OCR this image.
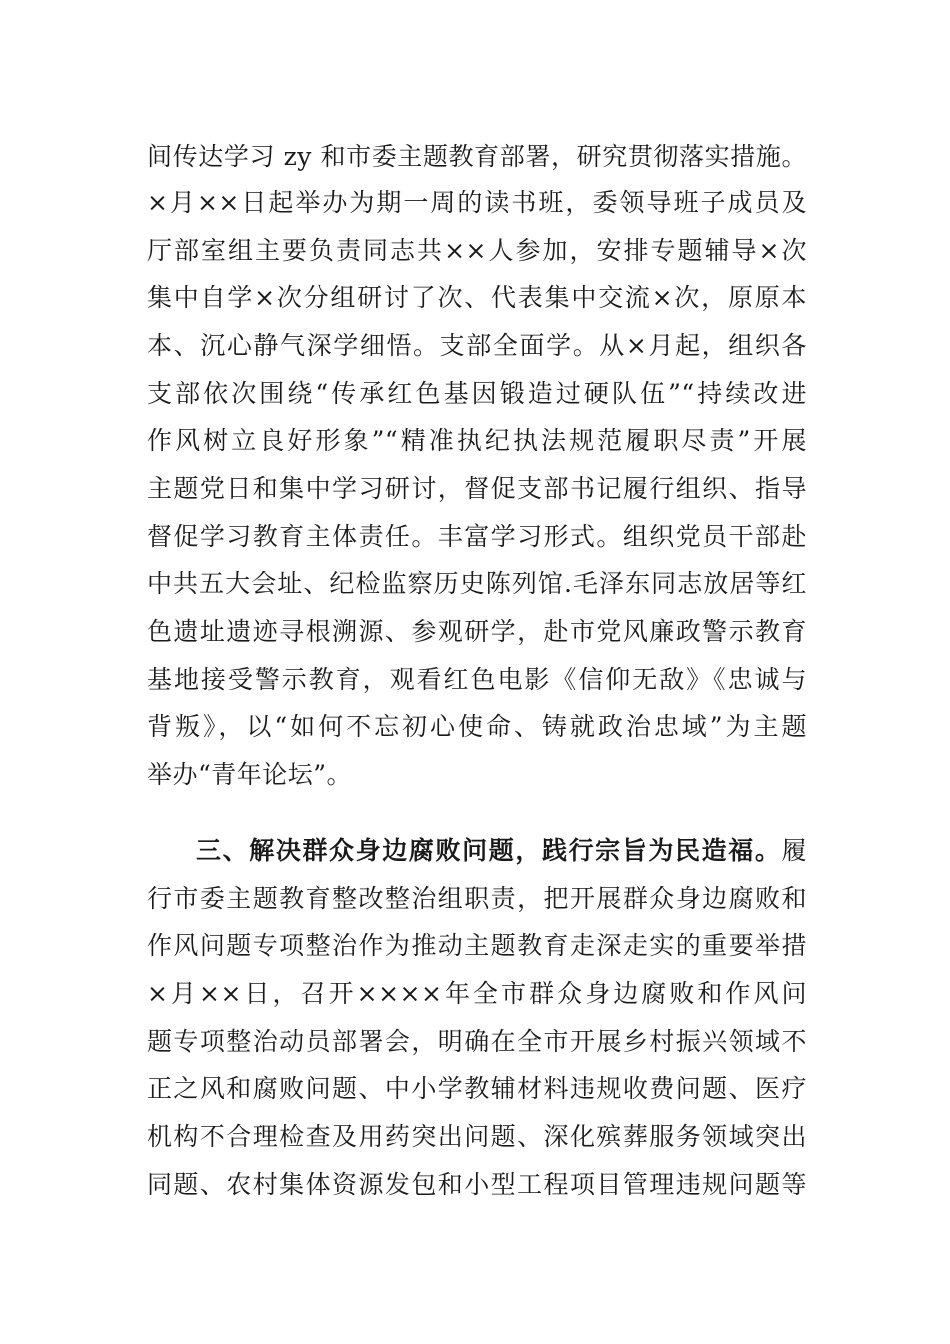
间传达学习 zy 和市委主题教育部署，研究贯彻落实措施。
×月××日起举办为期一周的读书班，委领导班子成员及
厅部室组主要负责同志共××人参加，安排专题辅导×次
集中自学×次分组研讨了次、代表集中交流×次，原原本
本、沉心静气深学细悟。支部全面学。从×月起，组织各
支部依次围绕“传承红色基因锻造过硬队伍”“持续改进
作风树立良好形象”“精准执纪执法规范履职尽责”开展
主题党日和集中学习研讨，督促支部书记履行组织、指导
督促学习教育主体责任。丰富学习形式。组织党员干部赴
中共五大会址、纪检监察历史陈列馆.毛泽东同志放居等红
色遗址遗迹寻根溯源、参观研学，赴市党风廉政警示教育
基地接受警示教育，观看红色电影《信仰无敌》《忠诚与
背叛》，以“如何不忘初心使命、铸就政治忠域”为主题
举办“青年论坛”。
三、解决群众身边腐败问题，践行宗旨为民造福。履
行市委主题教育整改整治组职责，把开展群众身边腐败和
作风问题专项整治作为推动主题教育走深走实的重要举措
×月××日，召开××××年全市群众身边腐败和作风问
题专项整治动员部署会，明确在全市开展乡村振兴领域不
正之风和腐败问题、中小学教辅材料违规收费问题、医疗
机构不合理检查及用药突出问题、深化殡葬服务领域突出
同题、农村集体资源发包和小型工程项目管理违规问题等
